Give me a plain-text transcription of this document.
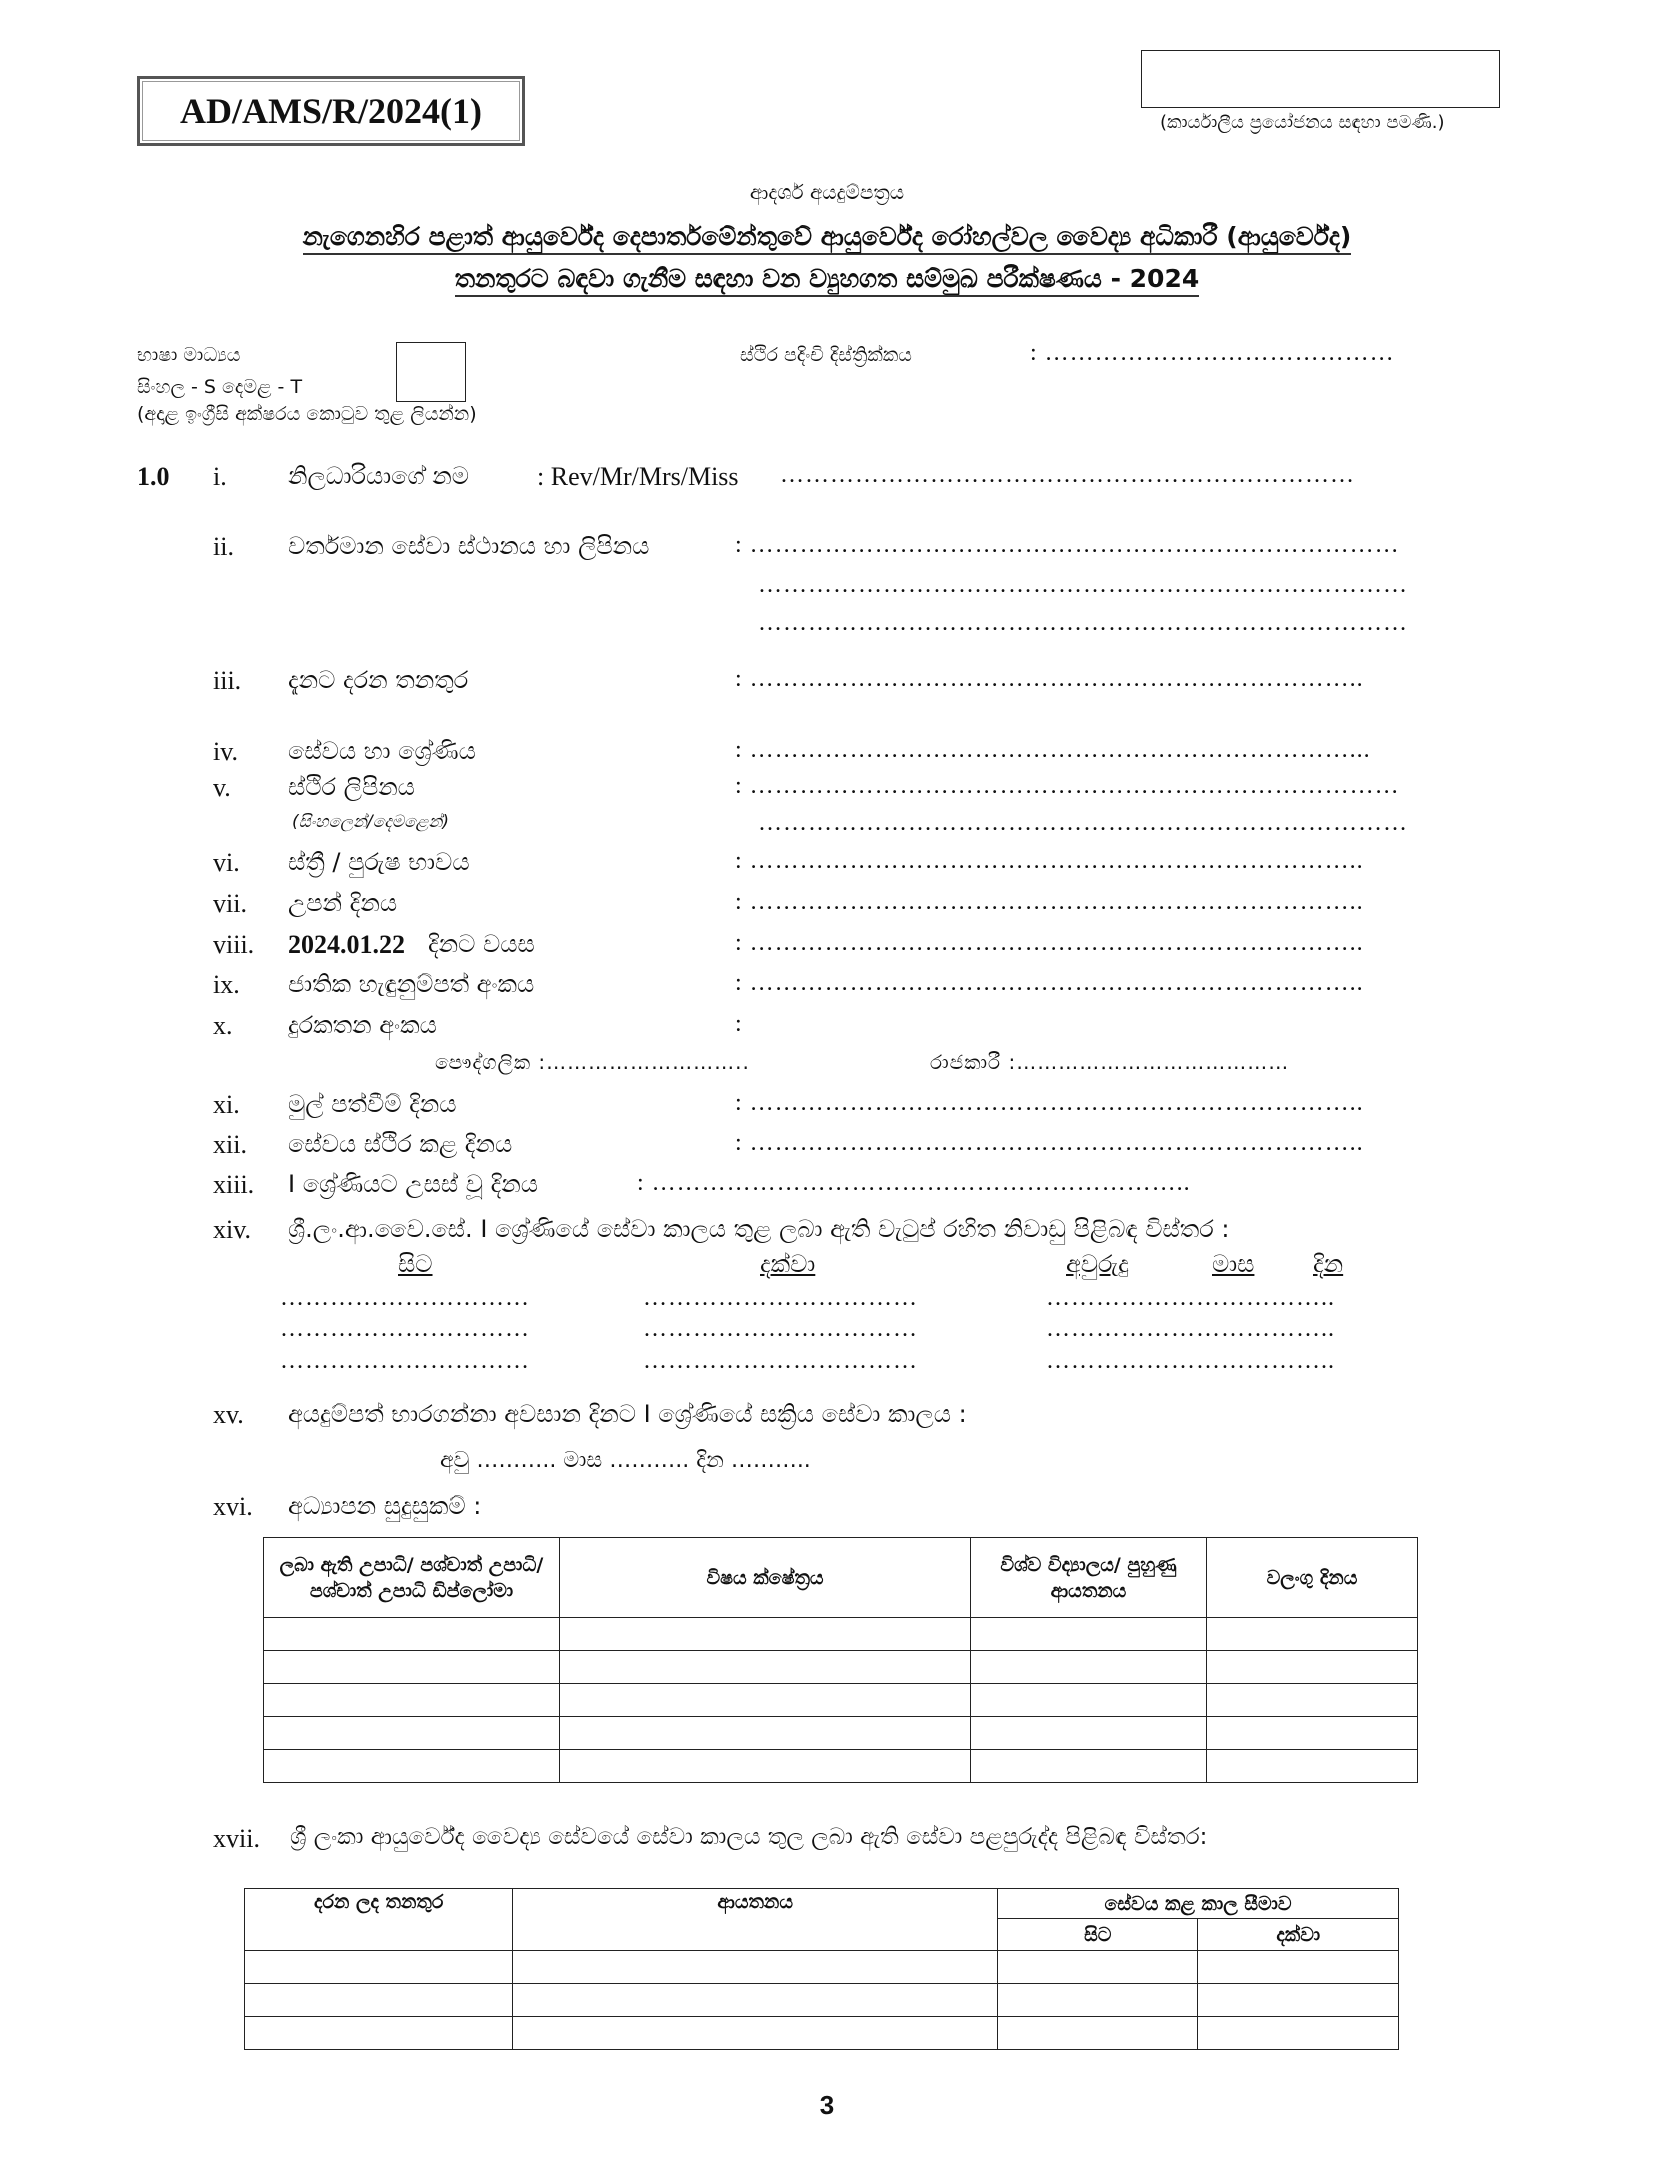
AD/AMS/R/2024(1)	(කාර්යාලීය ප්‍රයෝජනය සඳහා පමණි.)
ආදර්ශ අයදුම්පත්‍රය
නැගෙනහිර පළාත් ආයුර්වේද දෙපාර්තමේන්තුවේ ආයුර්වේද රෝහල්වල වෛද්‍ය අධිකාරී (ආයුර්වේද)
තනතුරට බඳවා ගැනීම සඳහා වන ව්‍යුහගත සම්මුඛ පරීක්ෂණය - 2024
භාෂා මාධ්‍යය
සිංහල - S දෙමළ - T
(අදාළ ඉංග්‍රීසි අක්ෂරය කොටුව තුළ ලියන්න)
ස්ථිර පදිංචි දිස්ත්‍රික්කය	: ……………………………………
1.0 i.	නිලධාරියාගේ නම	: Rev/Mr/Mrs/Miss ……………………………………………………………
ii. වර්තමාන සේවා ස්ථානය හා ලිපිනය	: ……………………………………………………………………
……………………………………………………………………
……………………………………………………………………
iii. දැනට දරන තනතුර	: ………………………………………………………………..
iv. සේවය හා ශ්‍රේණිය	: ………………………………………………………………...
v. ස්ථිර ලිපිනය	: ……………………………………………………………………
(සිංහලෙන්/දෙමළෙන්)	……………………………………………………………………
vi. ස්ත්‍රී / පුරුෂ භාවය	: ………………………………………………………………..
vii. උපන් දිනය	: ………………………………………………………………..
viii. 2024.01.22 දිනට වයස	: ………………………………………………………………..
ix. ජාතික හැඳුනුම්පත් අංකය	: ………………………………………………………………..
x. දුරකතන අංකය	:
පෞද්ගලික :………………………..	රාජකාරී :…………………………………
xi. මුල් පත්වීම් දිනය	: ………………………………………………………………..
xii. සේවය ස්ථිර කළ දිනය	: ………………………………………………………………..
xiii. I ශ්‍රේණියට උසස් වූ දිනය	: ………………………………………………………..
xiv. ශ්‍රී.ලං.ආ.වෛ.සේ. I ශ්‍රේණියේ සේවා කාලය තුළ ලබා ඇති වැටුප් රහිත නිවාඩු පිළිබඳ විස්තර :
සිට	දක්වා	අවුරුදු	මාස දින
…………………………	……………………………	……………………………..
…………………………	……………………………	……………………………..
…………………………	……………………………	……………………………..
xv. අයදුම්පත් භාරගන්නා අවසාන දිනට I ශ්‍රේණියේ සක්‍රිය සේවා කාලය :
අවු ……….. මාස ……….. දින ………..
xvi. අධ්‍යාපන සුදුසුකම් :
ලබා ඇති උපාධි/ පශ්චාත් උපාධි/ පශ්චාත් උපාධි ඩිප්ලෝමා	විෂය ක්ෂේත්‍රය	විශ්ව විද්‍යාලය/ පුහුණු ආයතනය	වලංගු දිනය

xvii. ශ්‍රී ලංකා ආයුර්වේද වෛද්‍ය සේවයේ සේවා කාලය තුල ලබා ඇති සේවා පළපුරුද්ද පිළිබඳ විස්තර:
දරන ලද තනතුර	ආයතනය	සේවය කළ කාල සීමාව	
		සිට	දක්වා

3
